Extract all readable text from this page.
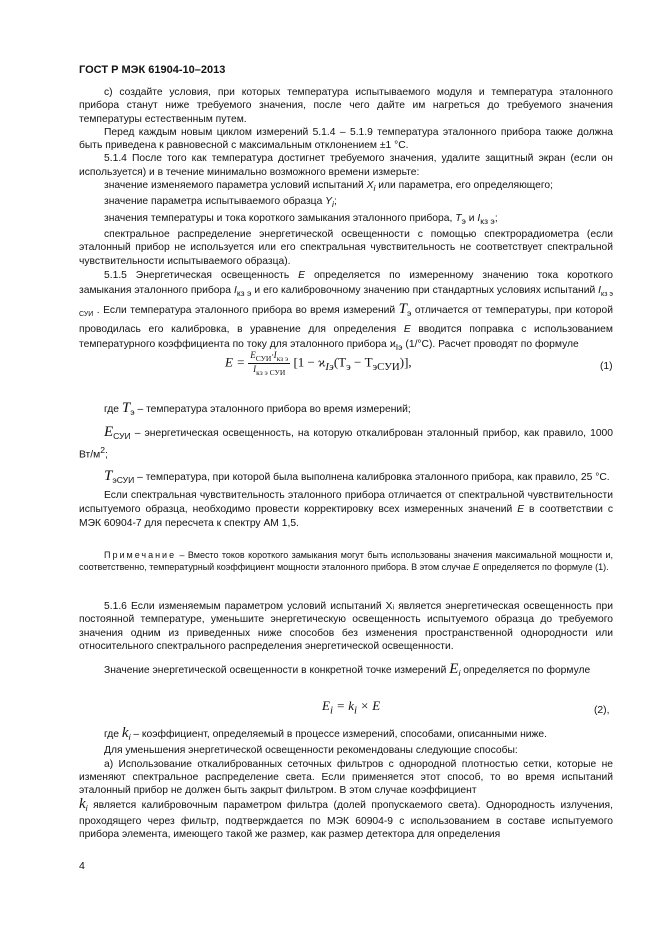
ГОСТ Р МЭК 61904-10–2013

c) создайте условия, при которых температура испытываемого модуля и температура эталонного прибора станут ниже требуемого значения, после чего дайте им нагреться до требуемого значения температуры естественным путем.

Перед каждым новым циклом измерений 5.1.4 – 5.1.9 температура эталонного прибора также должна быть приведена к равновесной с максимальным отклонением ±1 °С.

5.1.4 После того как температура достигнет требуемого значения, удалите защитный экран (если он используется) и в течение минимально возможного времени измерьте:

значение изменяемого параметра условий испытаний $X_i$ или параметра, его определяющего;

значение параметра испытываемого образца $Y_i$;

значения температуры и тока короткого замыкания эталонного прибора, $T_э$ и $I_{кз э}$;

спектральное распределение энергетической освещенности с помощью спектрорадиометра (если эталонный прибор не используется или его спектральная чувствительность не соответствует спектральной чувствительности испытываемого образца).

5.1.5 Энергетическая освещенность E определяется по измеренному значению тока короткого замыкания эталонного прибора $I_{кз э}$ и его калибровочному значению при стандартных условиях испытаний $I_{кз э СУИ}$ . Если температура эталонного прибора во время измерений $T_э$ отличается от температуры, при которой проводилась его калибровка, в уравнение для определения E вводится поправка с использованием температурного коэффициента по току для эталонного прибора $ϰ_{Iэ}$ (1/°С). Расчет проводят по формуле

$E = \frac{E_{СУИ}\cdot I_{кз э}}{I_{кз э СУИ}} [1 - ϰ_{Iэ}(T_э - T_{эСУИ})]$,	(1)

где $T_э$ – температура эталонного прибора во время измерений;

$E_{СУИ}$ – энергетическая освещенность, на которую откалиброван эталонный прибор, как правило, 1000 $Вт/м^2$;

$T_{эСУИ}$ – температура, при которой была выполнена калибровка эталонного прибора, как правило, 25 °С.

Если спектральная чувствительность эталонного прибора отличается от спектральной чувствительности испытуемого образца, необходимо провести корректировку всех измеренных значений E в соответствии с МЭК 60904-7 для пересчета к спектру АМ 1,5.

Примечание – Вместо токов короткого замыкания могут быть использованы значения максимальной мощности и, соответственно, температурный коэффициент мощности эталонного прибора. В этом случае E определяется по формуле (1).

5.1.6 Если изменяемым параметром условий испытаний Xᵢ является энергетическая освещенность при постоянной температуре, уменьшите энергетическую освещенность испытуемого образца до требуемого значения одним из приведенных ниже способов без изменения пространственной однородности или относительного спектрального распределения энергетической освещенности.

Значение энергетической освещенности в конкретной точке измерений $E_i$ определяется по формуле

$E_i = k_i \times E$	(2),

где $k_i$ – коэффициент, определяемый в процессе измерений, способами, описанными ниже.

Для уменьшения энергетической освещенности рекомендованы следующие способы:

а) Использование откалиброванных сеточных фильтров с однородной плотностью сетки, которые не изменяют спектральное распределение света. Если применяется этот способ, то во время испытаний эталонный прибор не должен быть закрыт фильтром. В этом случае коэффициент

$k_i$ является калибровочным параметром фильтра (долей пропускаемого света). Однородность излучения, проходящего через фильтр, подтверждается по МЭК 60904-9 с использованием в составе испытуемого прибора элемента, имеющего такой же размер, как размер детектора для определения

4
